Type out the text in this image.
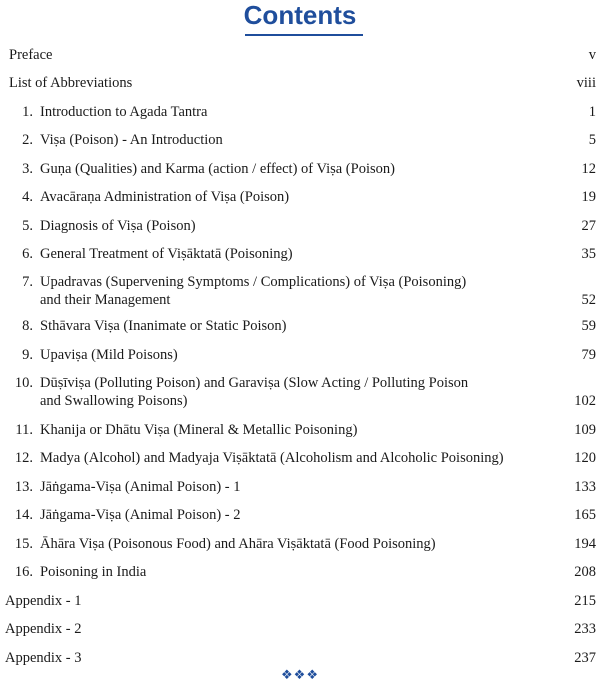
Contents
Preface	v
List of Abbreviations	viii
1. Introduction to Agada Tantra	1
2. Viṣa (Poison) - An Introduction	5
3. Guṇa (Qualities) and Karma (action / effect) of Viṣa (Poison)	12
4. Avacāraṇa Administration of Viṣa (Poison)	19
5. Diagnosis of Viṣa (Poison)	27
6. General Treatment of Viṣāktatā (Poisoning)	35
7. Upadravas (Supervening Symptoms / Complications) of Viṣa (Poisoning)
and their Management	52
8. Sthāvara Viṣa (Inanimate or Static Poison)	59
9. Upaviṣa (Mild Poisons)	79
10. Dūṣīviṣa (Polluting Poison) and Garaviṣa (Slow Acting / Polluting Poison
and Swallowing Poisons)	102
11. Khanija or Dhātu Viṣa (Mineral & Metallic Poisoning)	109
12. Madya (Alcohol) and Madyaja Viṣāktatā (Alcoholism and Alcoholic Poisoning)	120
13. Jāṅgama-Viṣa (Animal Poison) - 1	133
14. Jāṅgama-Viṣa (Animal Poison) - 2	165
15. Āhāra Viṣa (Poisonous Food) and Ahāra Viṣāktatā (Food Poisoning)	194
16. Poisoning in India	208
Appendix - 1	215
Appendix - 2	233
Appendix - 3	237
❖❖❖
